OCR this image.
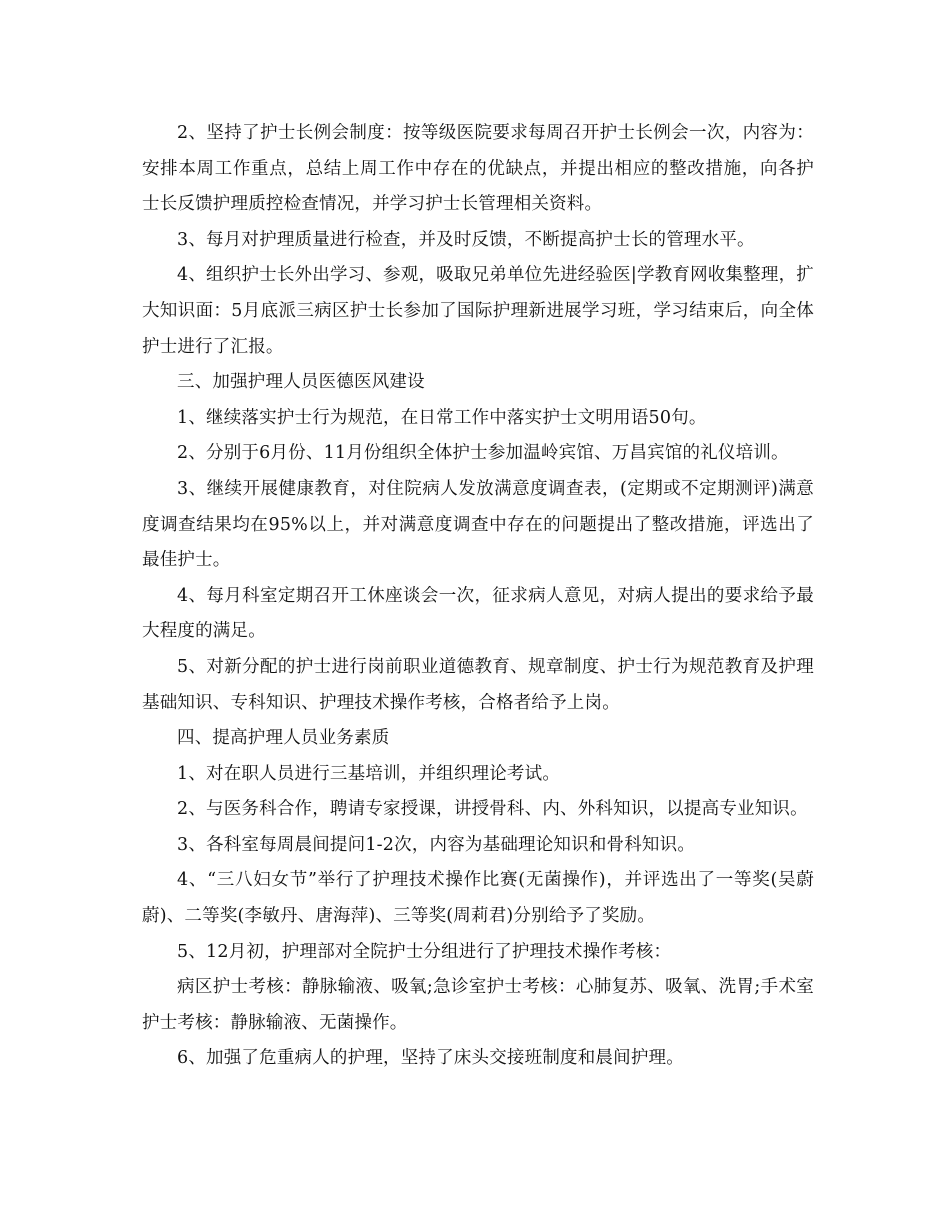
2、坚持了护士长例会制度：按等级医院要求每周召开护士长例会一次，内容为：安排本周工作重点，总结上周工作中存在的优缺点，并提出相应的整改措施，向各护士长反馈护理质控检查情况，并学习护士长管理相关资料。

3、每月对护理质量进行检查，并及时反馈，不断提高护士长的管理水平。

4、组织护士长外出学习、参观，吸取兄弟单位先进经验医|学教育网收集整理，扩大知识面：5月底派三病区护士长参加了国际护理新进展学习班，学习结束后，向全体护士进行了汇报。

三、加强护理人员医德医风建设

1、继续落实护士行为规范，在日常工作中落实护士文明用语50句。

2、分别于6月份、11月份组织全体护士参加温岭宾馆、万昌宾馆的礼仪培训。

3、继续开展健康教育，对住院病人发放满意度调查表，(定期或不定期测评)满意度调查结果均在95%以上，并对满意度调查中存在的问题提出了整改措施，评选出了最佳护士。

4、每月科室定期召开工休座谈会一次，征求病人意见，对病人提出的要求给予最大程度的满足。

5、对新分配的护士进行岗前职业道德教育、规章制度、护士行为规范教育及护理基础知识、专科知识、护理技术操作考核，合格者给予上岗。

四、提高护理人员业务素质

1、对在职人员进行三基培训，并组织理论考试。

2、与医务科合作，聘请专家授课，讲授骨科、内、外科知识，以提高专业知识。

3、各科室每周晨间提问1-2次，内容为基础理论知识和骨科知识。

4、“三八妇女节”举行了护理技术操作比赛(无菌操作)，并评选出了一等奖(吴蔚蔚)、二等奖(李敏丹、唐海萍)、三等奖(周莉君)分别给予了奖励。

5、12月初，护理部对全院护士分组进行了护理技术操作考核：

病区护士考核：静脉输液、吸氧;急诊室护士考核：心肺复苏、吸氧、洗胃;手术室护士考核：静脉输液、无菌操作。

6、加强了危重病人的护理，坚持了床头交接班制度和晨间护理。
